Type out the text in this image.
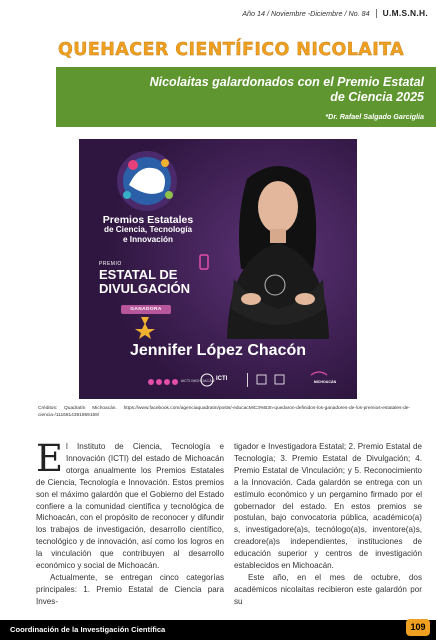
Año 14 / Noviembre -Diciembre / No. 84 U.M.S.N.H.
QUEHACER CIENTÍFICO NICOLAITA
Nicolaitas galardonados con el Premio Estatal
de Ciencia 2025
*Dr. Rafael Salgado Garciglia
Premios Estatales
de Ciencia, Tecnología
e Innovación
PREMIO
ESTATAL DE
DIVULGACIÓN
GANADORA
Jennifer López Chacón
#ICTI MICHOACÁN ICTI	MICHOACÁN
Créditos: Quadratín Michoacán. https://www.facebook.com/agenciaquadratin/posts/-educacMiC3%B3n-quedaron-definidos-los-ganadores-de-los-premios-estatales-de-ciencia-/1116814391869159/

El Instituto de Ciencia, Tecnología e Innovación (ICTI) del estado de Michoacán otorga anualmente los Premios Estatales de Ciencia, Tecnología e Innovación. Estos premios son el máximo galardón que el Gobierno del Estado confiere a la comunidad científica y tecnológica de Michoacán, con el propósito de reconocer y difundir los trabajos de investigación, desarrollo científico, tecnológico y de innovación, así como los logros en la vinculación que contribuyen al desarrollo económico y social de Michoacán.

Actualmente, se entregan cinco categorías principales: 1. Premio Estatal de Ciencia para Inves-

tigador e Investigadora Estatal; 2. Premio Estatal de Tecnología; 3. Premio Estatal de Divulgación; 4. Premio Estatal de Vinculación; y 5. Reconocimiento a la Innovación. Cada galardón se entrega con un estímulo económico y un pergamino firmado por el gobernador del estado. En estos premios se postulan, bajo convocatoria pública, académico(a) s, investigadore(a)s, tecnólogo(a)s, inventore(a)s, creadore(a)s independientes, instituciones de educación superior y centros de investigación establecidos en Michoacán.

Este año, en el mes de octubre, dos académicos nicolaitas recibieron este galardón por su

Coordinación de la Investigación Científica	109
